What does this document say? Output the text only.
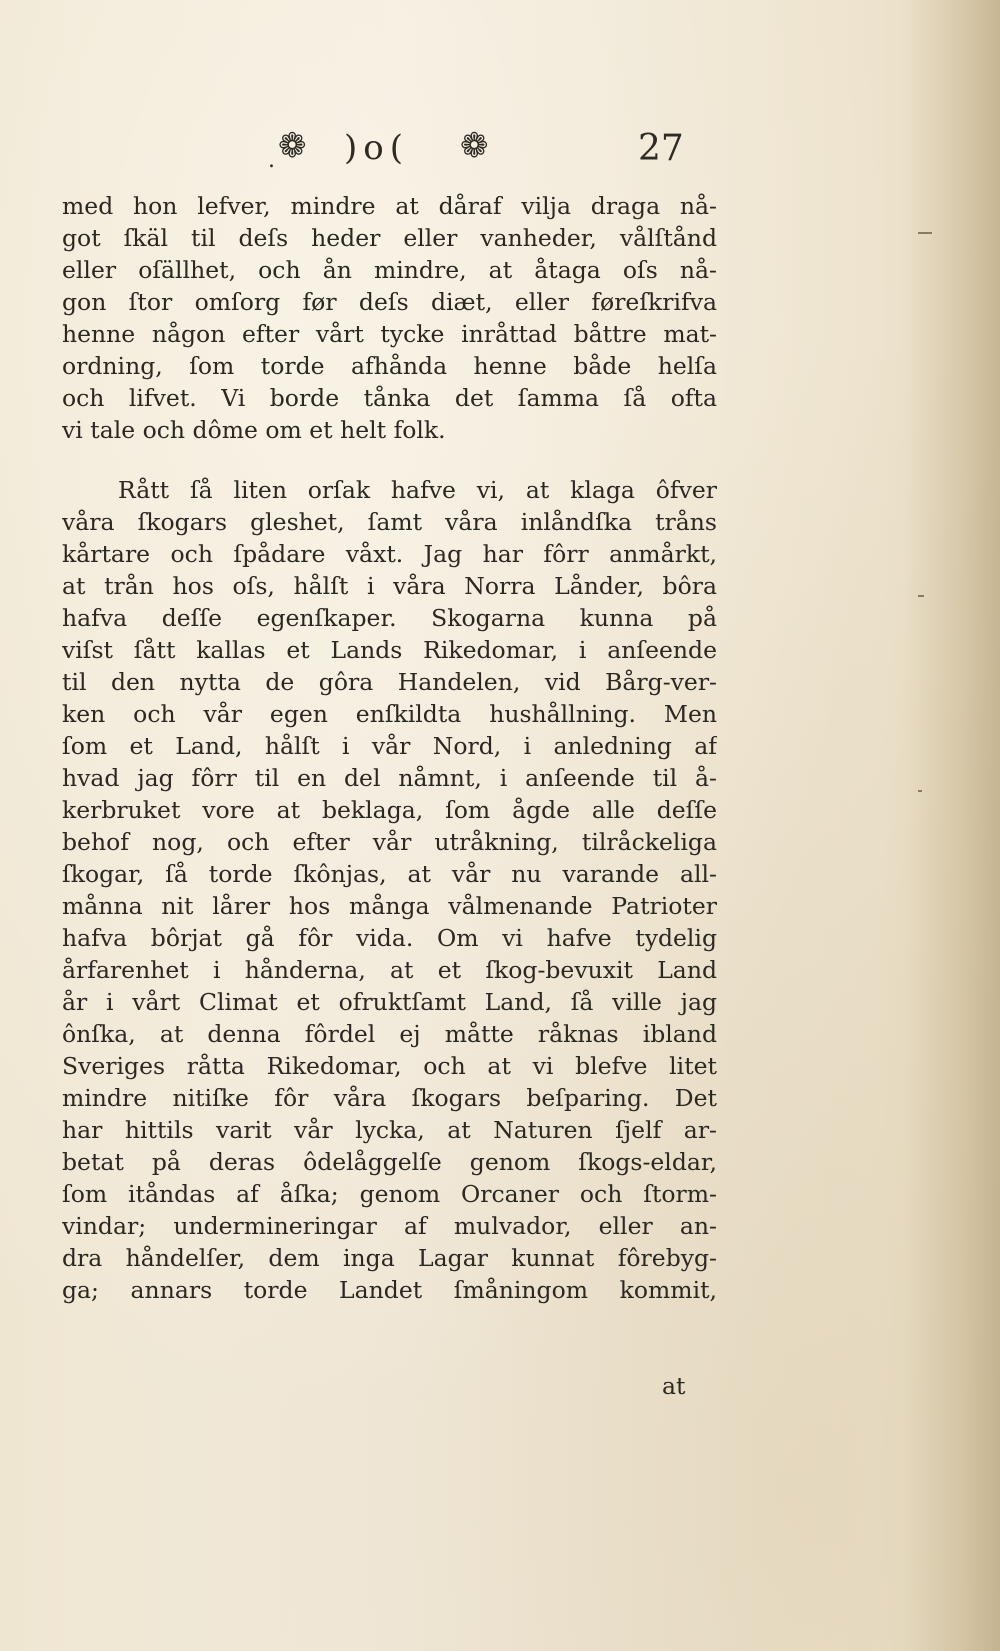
. ❁ )o( ❁	27
med hon lefver, mindre at dåraf vilja draga nå-
got ſkäl til deſs heder eller vanheder, vålſtånd
eller oſällhet, och ån mindre, at åtaga oſs nå-
gon ſtor omſorg før deſs diæt, eller føreſkrifva
henne någon efter vårt tycke inråttad båttre mat-
ordning, ſom torde afhånda henne både helſa
och lifvet. Vi borde tånka det ſamma ſå ofta
vi tale och dôme om et helt folk.
Rått ſå liten orſak hafve vi, at klaga ôfver
våra ſkogars gleshet, ſamt våra inlåndſka tråns
kårtare och ſpådare våxt. Jag har fôrr anmårkt,
at trån hos oſs, hålſt i våra Norra Lånder, bôra
hafva deſſe egenſkaper. Skogarna kunna på
viſst ſått kallas et Lands Rikedomar, i anſeende
til den nytta de gôra Handelen, vid Bårg-ver-
ken och vår egen enſkildta hushållning. Men
ſom et Land, hålſt i vår Nord, i anledning af
hvad jag fôrr til en del nåmnt, i anſeende til å-
kerbruket vore at beklaga, ſom ågde alle deſſe
behof nog, och efter vår utråkning, tilråckeliga
ſkogar, ſå torde ſkônjas, at vår nu varande all-
månna nit lårer hos många vålmenande Patrioter
hafva bôrjat gå fôr vida. Om vi hafve tydelig
årfarenhet i hånderna, at et ſkog-bevuxit Land
år i vårt Climat et ofruktſamt Land, ſå ville jag
ônſka, at denna fôrdel ej måtte råknas ibland
Sveriges råtta Rikedomar, och at vi blefve litet
mindre nitiſke fôr våra ſkogars beſparing. Det
har hittils varit vår lycka, at Naturen ſjelf ar-
betat på deras ôdelåggelſe genom ſkogs-eldar,
ſom itåndas af åſka; genom Orcaner och ſtorm-
vindar; undermineringar af mulvador, eller an-
dra håndelſer, dem inga Lagar kunnat fôrebyg-
ga; annars torde Landet ſmåningom kommit,
at
